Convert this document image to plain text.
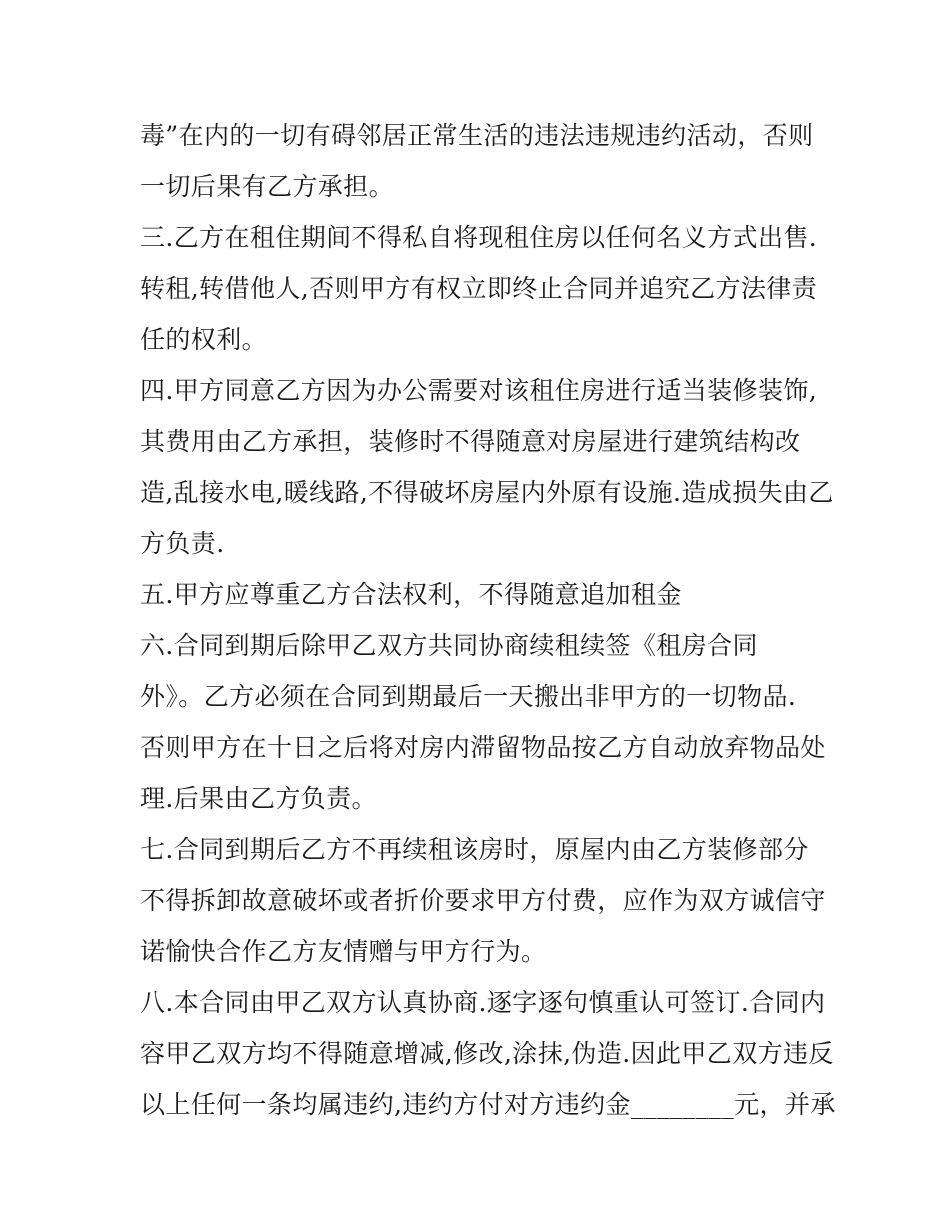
毒”在内的一切有碍邻居正常生活的违法违规违约活动，否则
一切后果有乙方承担。
三.乙方在租住期间不得私自将现租住房以任何名义方式出售.
转租,转借他人,否则甲方有权立即终止合同并追究乙方法律责
任的权利。
四.甲方同意乙方因为办公需要对该租住房进行适当装修装饰,
其费用由乙方承担，装修时不得随意对房屋进行建筑结构改
造,乱接水电,暖线路,不得破坏房屋内外原有设施.造成损失由乙
方负责.
五.甲方应尊重乙方合法权利，不得随意追加租金
六.合同到期后除甲乙双方共同协商续租续签《租房合同
外》。乙方必须在合同到期最后一天搬出非甲方的一切物品.
否则甲方在十日之后将对房内滞留物品按乙方自动放弃物品处
理.后果由乙方负责。
七.合同到期后乙方不再续租该房时，原屋内由乙方装修部分
不得拆卸故意破坏或者折价要求甲方付费，应作为双方诚信守
诺愉快合作乙方友情赠与甲方行为。
八.本合同由甲乙双方认真协商.逐字逐句慎重认可签订.合同内
容甲乙双方均不得随意增减,修改,涂抹,伪造.因此甲乙双方违反
以上任何一条均属违约,违约方付对方违约金________元，并承
